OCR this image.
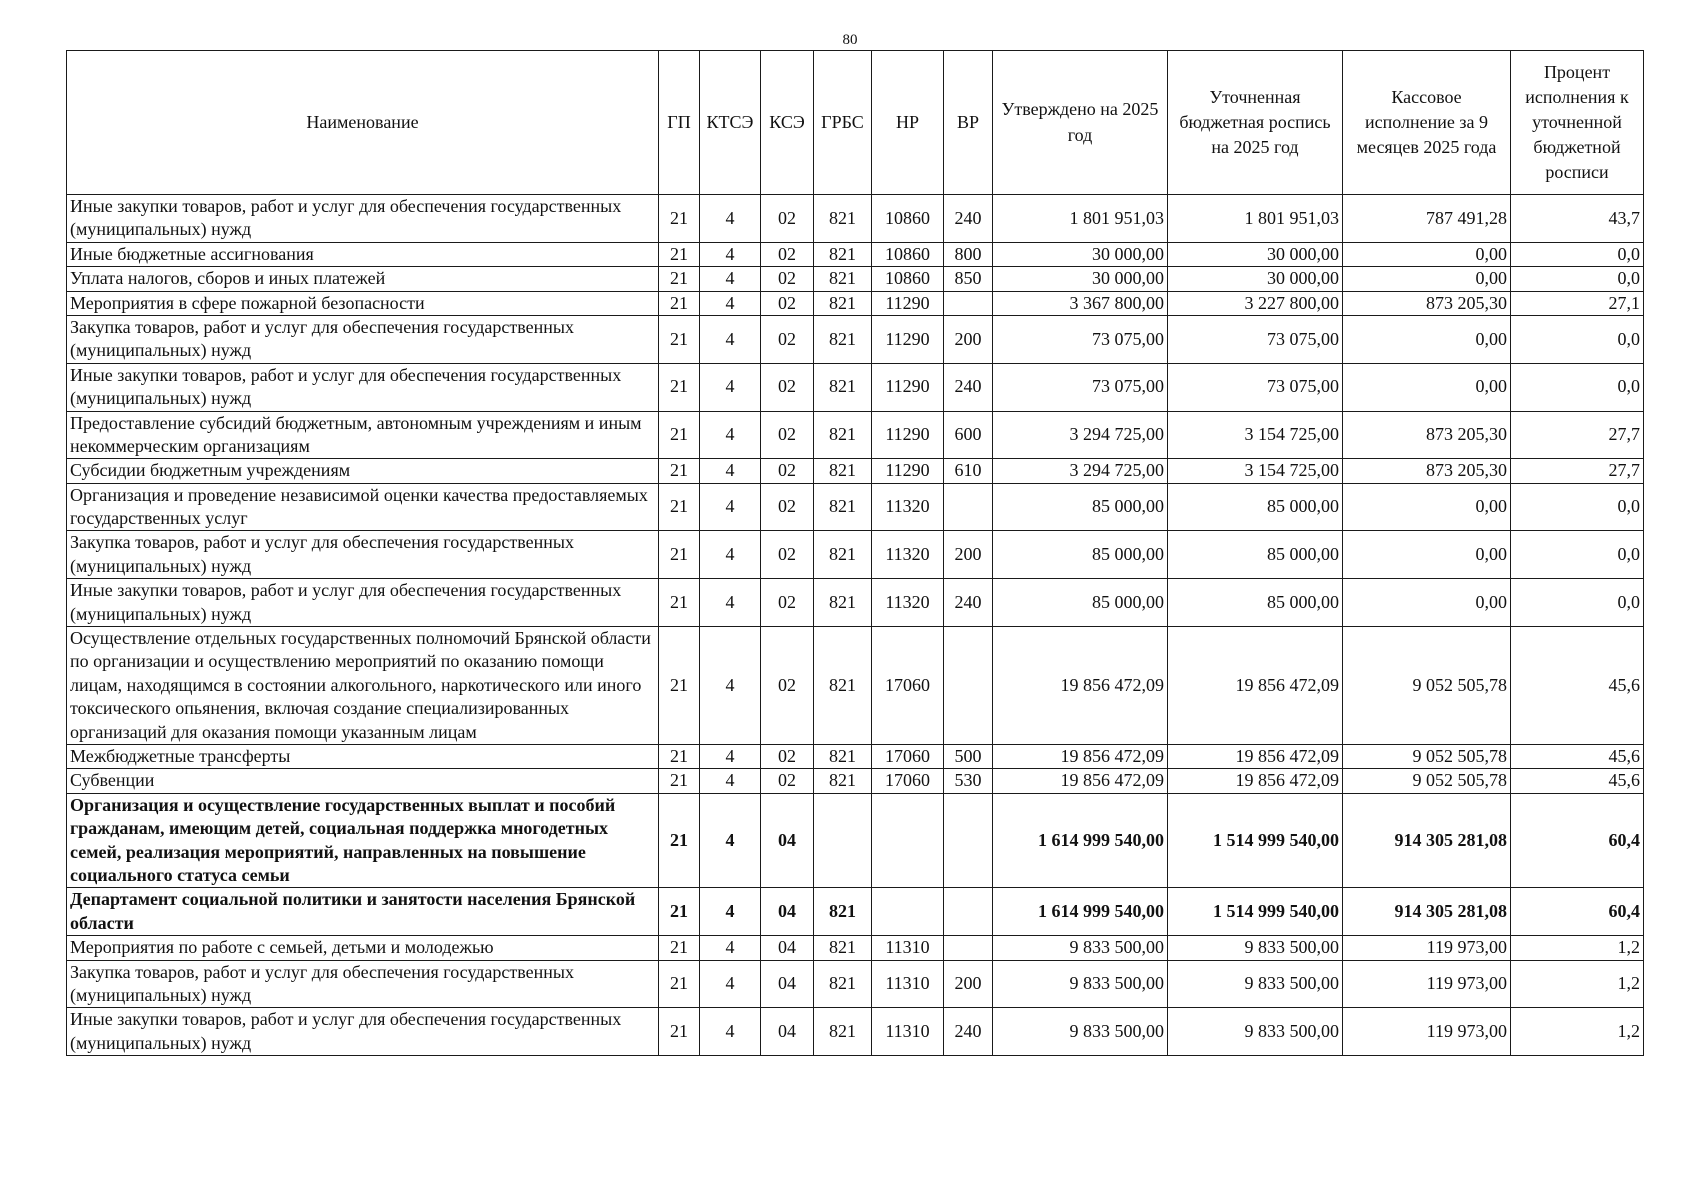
80
Наименование	ГП	КТСЭ	КСЭ	ГРБС	НР	ВР	Утверждено на 2025 год	Уточненная бюджетная роспись на 2025 год	Кассовое исполнение за 9 месяцев 2025 года	Процент исполнения к уточненной бюджетной росписи
Иные закупки товаров, работ и услуг для обеспечения государственных (муниципальных) нужд	21	4	02	821	10860	240	1 801 951,03	1 801 951,03	787 491,28	43,7
Иные бюджетные ассигнования	21	4	02	821	10860	800	30 000,00	30 000,00	0,00	0,0
Уплата налогов, сборов и иных платежей	21	4	02	821	10860	850	30 000,00	30 000,00	0,00	0,0
Мероприятия в сфере пожарной безопасности	21	4	02	821	11290		3 367 800,00	3 227 800,00	873 205,30	27,1
Закупка товаров, работ и услуг для обеспечения государственных (муниципальных) нужд	21	4	02	821	11290	200	73 075,00	73 075,00	0,00	0,0
Иные закупки товаров, работ и услуг для обеспечения государственных (муниципальных) нужд	21	4	02	821	11290	240	73 075,00	73 075,00	0,00	0,0
Предоставление субсидий бюджетным, автономным учреждениям и иным некоммерческим организациям	21	4	02	821	11290	600	3 294 725,00	3 154 725,00	873 205,30	27,7
Субсидии бюджетным учреждениям	21	4	02	821	11290	610	3 294 725,00	3 154 725,00	873 205,30	27,7
Организация и проведение независимой оценки качества предоставляемых государственных услуг	21	4	02	821	11320		85 000,00	85 000,00	0,00	0,0
Закупка товаров, работ и услуг для обеспечения государственных (муниципальных) нужд	21	4	02	821	11320	200	85 000,00	85 000,00	0,00	0,0
Иные закупки товаров, работ и услуг для обеспечения государственных (муниципальных) нужд	21	4	02	821	11320	240	85 000,00	85 000,00	0,00	0,0
Осуществление отдельных государственных полномочий Брянской области по организации и осуществлению мероприятий по оказанию помощи лицам, находящимся в состоянии алкогольного, наркотического или иного токсического опьянения, включая создание специализированных организаций для оказания помощи указанным лицам	21	4	02	821	17060		19 856 472,09	19 856 472,09	9 052 505,78	45,6
Межбюджетные трансферты	21	4	02	821	17060	500	19 856 472,09	19 856 472,09	9 052 505,78	45,6
Субвенции	21	4	02	821	17060	530	19 856 472,09	19 856 472,09	9 052 505,78	45,6
Организация и осуществление государственных выплат и пособий гражданам, имеющим детей, социальная поддержка многодетных семей, реализация мероприятий, направленных на повышение социального статуса семьи	21	4	04				1 614 999 540,00	1 514 999 540,00	914 305 281,08	60,4
Департамент социальной политики и занятости населения Брянской области	21	4	04	821			1 614 999 540,00	1 514 999 540,00	914 305 281,08	60,4
Мероприятия по работе с семьей, детьми и молодежью	21	4	04	821	11310		9 833 500,00	9 833 500,00	119 973,00	1,2
Закупка товаров, работ и услуг для обеспечения государственных (муниципальных) нужд	21	4	04	821	11310	200	9 833 500,00	9 833 500,00	119 973,00	1,2
Иные закупки товаров, работ и услуг для обеспечения государственных (муниципальных) нужд	21	4	04	821	11310	240	9 833 500,00	9 833 500,00	119 973,00	1,2
